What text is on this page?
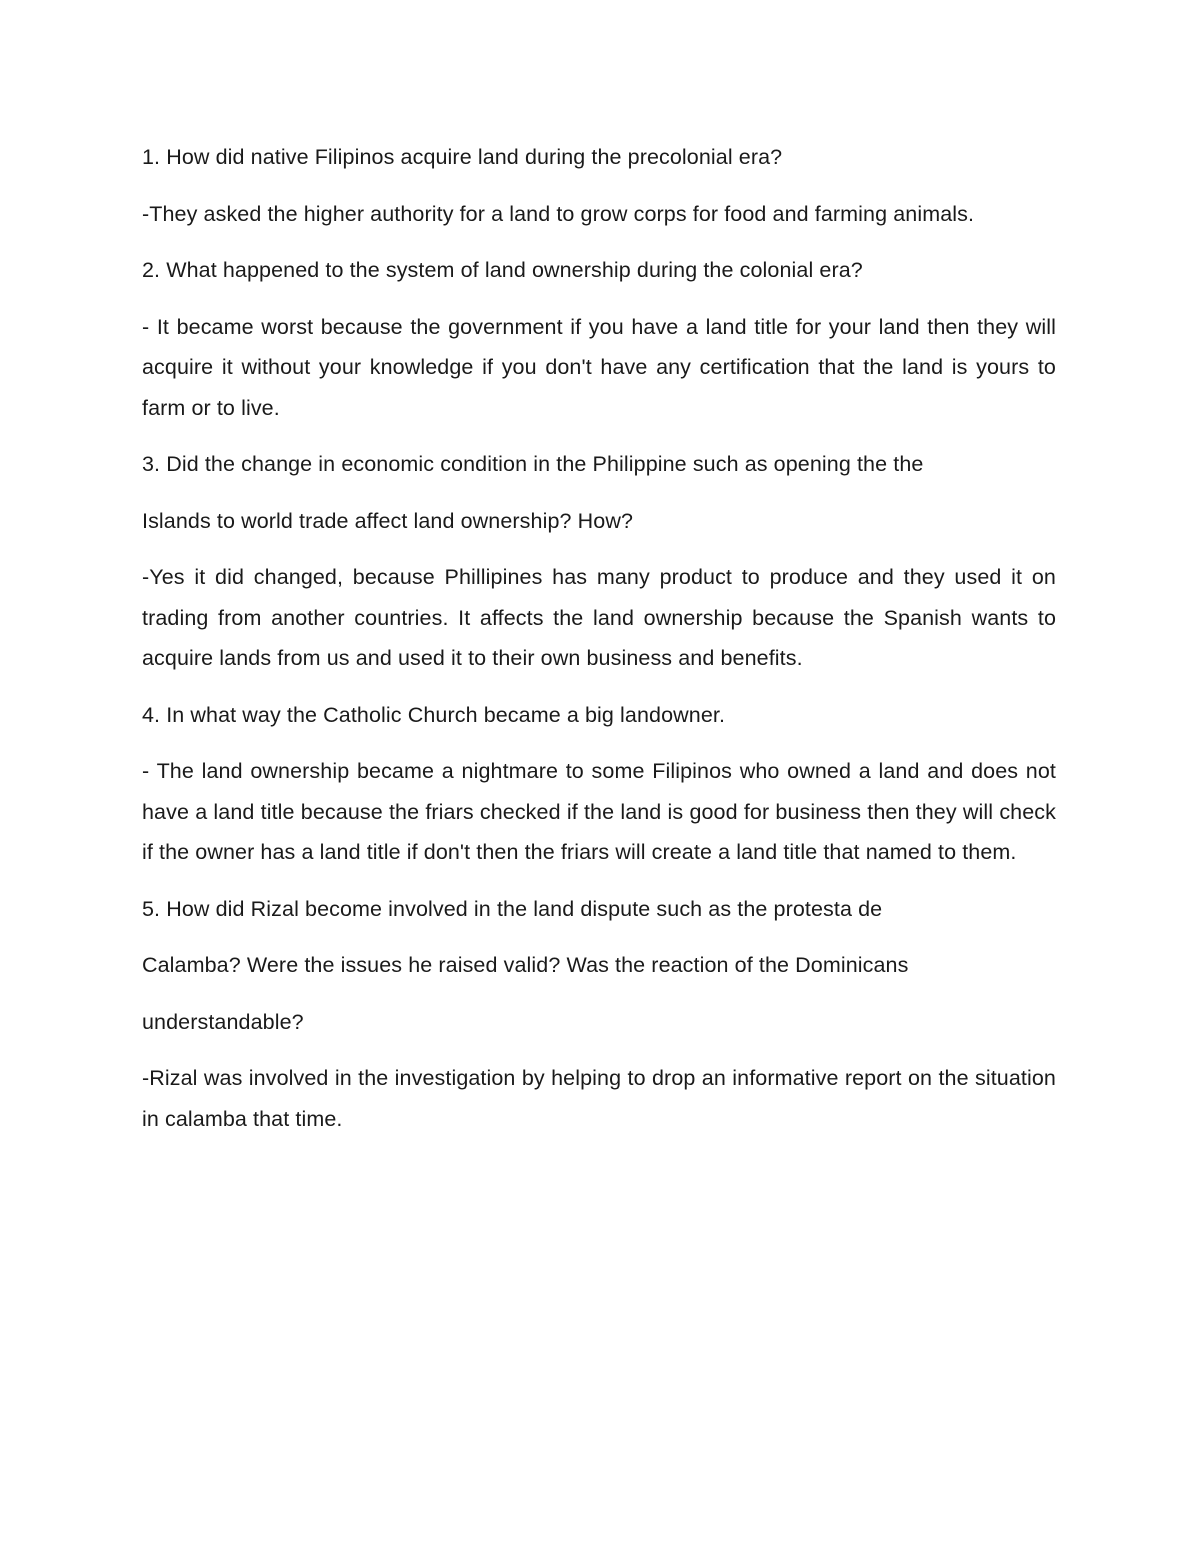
1. How did native Filipinos acquire land during the precolonial era?

-They asked the higher authority for a land to grow corps for food and farming animals.

2. What happened to the system of land ownership during the colonial era?

- It became worst because the government if you have a land title for your land then they will acquire it without your knowledge if you don't have any certification that the land is yours to farm or to live.

3. Did the change in economic condition in the Philippine such as opening the the

Islands to world trade affect land ownership? How?

-Yes it did changed, because Phillipines has many product to produce and they used it on trading from another countries. It affects the land ownership because the Spanish wants to acquire lands from us and used it to their own business and benefits.

4. In what way the Catholic Church became a big landowner.

- The land ownership became a nightmare to some Filipinos who owned a land and does not have a land title because the friars checked if the land is good for business then they will check if the owner has a land title if don't then the friars will create a land title that named to them.

5. How did Rizal become involved in the land dispute such as the protesta de

Calamba? Were the issues he raised valid? Was the reaction of the Dominicans

understandable?

-Rizal was involved in the investigation by helping to drop an informative report on the situation in calamba that time.
